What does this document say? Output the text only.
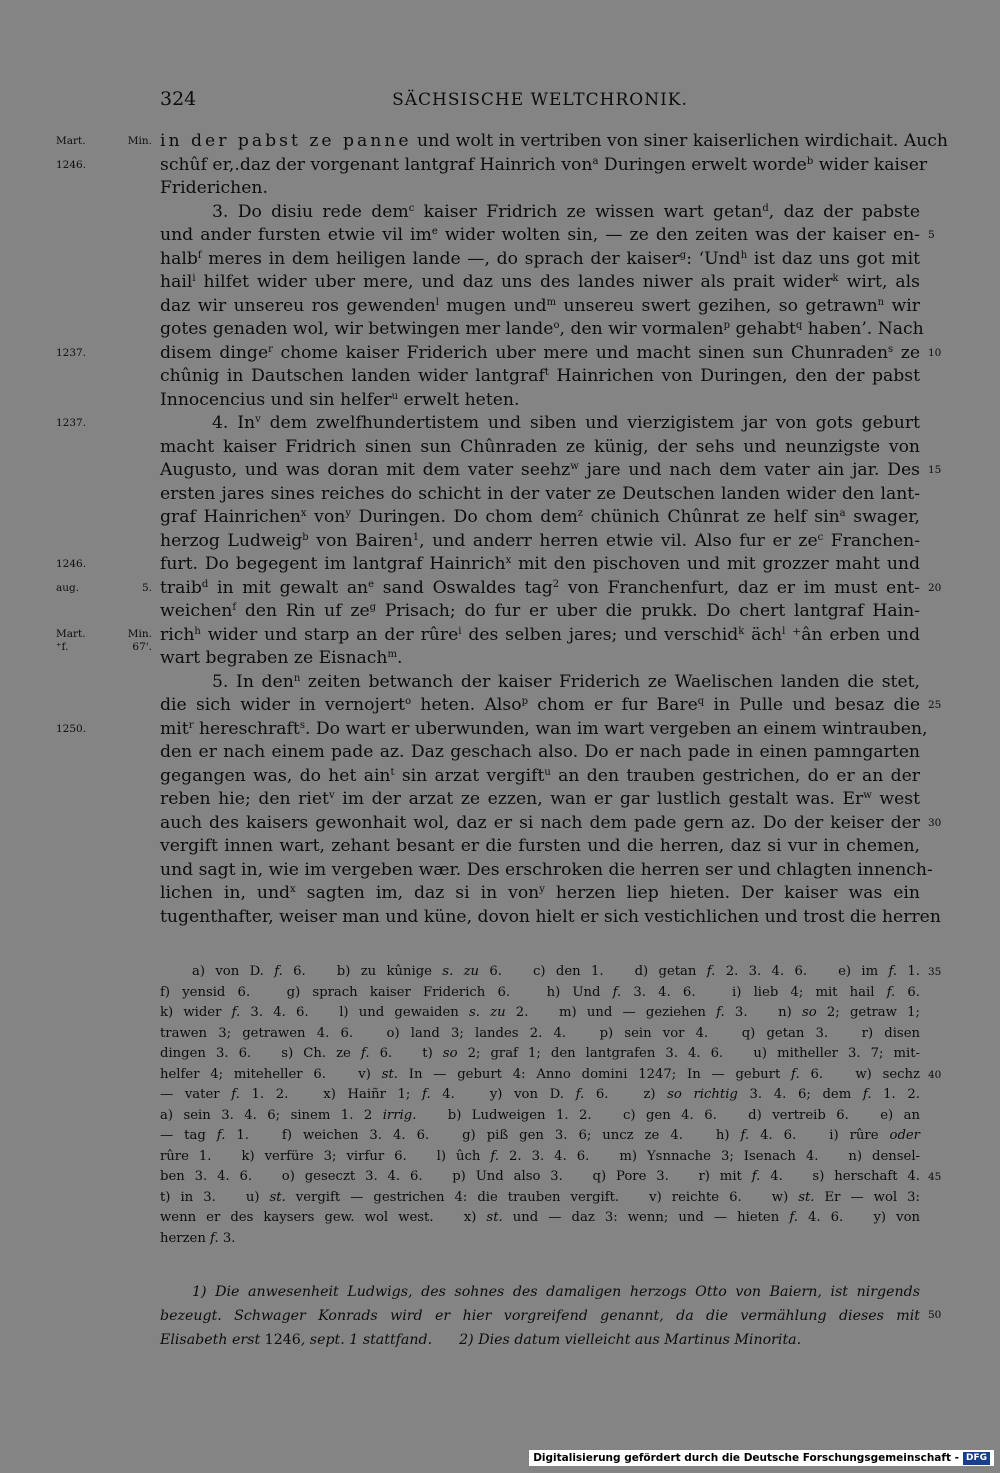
324	SÄCHSISCHE WELTCHRONIK.
in der pabst ze panne und wolt in vertriben von siner kaiserlichen wirdichait. Auch
Mart. Min.
schûf er,.daz der vorgenant lantgraf Hainrich von$^a$ Duringen erwelt worde$^b$ wider kaiser
1246.
Friderichen.
3. Do disiu rede dem$^c$ kaiser Fridrich ze wissen wart getan$^d$, daz der pabste
und ander fursten etwie vil $im^e$ wider wolten sin, — ze den zeiten was der kaiser en- 5
halb$^f$ meres in dem heiligen lande —, do sprach der kaiser$^g$: ‘Und$^h$ ist daz uns got mit
hail$^i$ hilfet wider uber mere, und daz uns des landes niwer als prait wider$^k$ wirt, als
daz wir unsereu ros gewenden$^l$ mugen und$^m$ unsereu swert gezihen, so getrawn$^n$ wir
gotes genaden wol, wir betwingen mer lande$^o$, den wir vormalen$^p$ gehabt$^q$ haben’. Nach
disem dinge$^r$ chome kaiser Friderich uber mere und macht sinen sun Chunraden$^s$ ze
1237.	10
chûnig in Dautschen landen wider lantgraf$^t$ Hainrichen von Duringen, den der pabst
Innocencius und sin helfer$^u$ erwelt heten.
4. In$^v$ dem zwelfhundertistem und siben und vierzigistem jar von gots geburt
1237.
macht kaiser Fridrich sinen sun Chûnraden ze künig, der sehs und neunzigste von
Augusto, und was doran mit dem vater seehz$^w$ jare und nach dem vater ain jar. Des 15
ersten jares sines reiches do schicht in der vater ze Deutschen landen wider den lant-
graf Hainrichen$^x$ von$^y$ Duringen. Do chom dem$^z$ chünich Chûnrat ze helf $\sin^a$ swager,
herzog Ludweig$^b$ von Bairen$^1$, und anderr herren etwie vil. Also fur er $ze^c$ Franchen-
furt. Do begegent im lantgraf Hainrich$^x$ mit den pischoven und mit grozzer maht und
1246.
traib$^d$ in mit gewalt $an^e$ sand Oswaldes tag$^2$ von Franchenfurt, daz er im must ent-
aug. 5.	20
weichen$^f$ den Rin uf $ze^g$ Prisach; do fur er uber die prukk. Do chert lantgraf Hain-
rich$^h$ wider und starp an der rûre$^i$ des selben jares; und verschid$^k$ äch$^l$ ⁺ân erben und
Mart. Min.
⁺f. 67'.
wart begraben ze Eisnach$^m$.
5. In den$^n$ zeiten betwanch der kaiser Friderich ze Waelischen landen die stet,
die sich wider in vernojert$^o$ heten. Also$^p$ chom er fur Bare$^q$ in Pulle und besaz die 25
mit$^r$ hereschraft$^s$. Do wart er uberwunden, wan im wart vergeben an einem wintrauben,
1250.
den er nach einem pade az. Daz geschach also. Do er nach pade in einen pamngarten
gegangen was, do het ain$^t$ sin arzat vergift$^u$ an den trauben gestrichen, do er an der
reben hie; den riet$^v$ im der arzat ze ezzen, wan er gar lustlich gestalt was. Er$^w$ west
auch des kaisers gewonhait wol, daz er si nach dem pade gern az. Do der keiser der 30
vergift innen wart, zehant besant er die fursten und die herren, daz si vur in chemen,
und sagt in, wie im vergeben wær. Des erschroken die herren ser und chlagten innench-
lichen in, und$^x$ sagten im, daz si in von$^y$ herzen liep hieten. Der kaiser was ein
tugenthafter, weiser man und küne, dovon hielt er sich vestichlichen und trost die herren
a) von D. f. 6.   b) zu kûnige s. zu 6.   c) den 1.   d) getan f. 2. 3. 4. 6.   e) im f. 1. 35
f) yensid 6.   g) sprach kaiser Friderich 6.   h) Und f. 3. 4. 6.   i) lieb 4; mit hail f. 6.
k) wider f. 3. 4. 6.   l) und gewaiden s. zu 2.   m) und — geziehen f. 3.   n) so 2; getraw 1;
trawen 3; getrawen 4. 6.   o) land 3; landes 2. 4.   p) sein vor 4.   q) getan 3.   r) disen
dingen 3. 6.   s) Ch. ze f. 6.   t) so 2; graf 1; den lantgrafen 3. 4. 6.   u) mitheller 3. 7; mit-
helfer 4; miteheller 6.   v) st. In — geburt 4: Anno domini 1247; In — geburt f. 6.   w) sechz 40
— vater f. 1. 2.   x) Haiñr 1; f. 4.   y) von D. f. 6.   z) so richtig 3. 4. 6; dem f. 1. 2.
a) sein 3. 4. 6; sinem 1. 2 irrig.   b) Ludweigen 1. 2.   c) gen 4. 6.   d) vertreib 6.   e) an
— tag f. 1.   f) weichen 3. 4. 6.   g) piß gen 3. 6; uncz ze 4.   h) f. 4. 6.   i) rûre oder
rûre 1.   k) verfüre 3; virfur 6.   l) ûch f. 2. 3. 4. 6.   m) Ysnnache 3; Isenach 4.   n) densel-
ben 3. 4. 6.   o) geseczt 3. 4. 6.   p) Und also 3.   q) Pore 3.   r) mit f. 4.   s) herschaft 4. 45
t) in 3.   u) st. vergift — gestrichen 4: die trauben vergift.   v) reichte 6.   w) st. Er — wol 3:
wenn er des kaysers gew. wol west.   x) st. und — daz 3: wenn; und — hieten f. 4. 6.   y) von
herzen f. 3.
1) Die anwesenheit Ludwigs, des sohnes des damaligen herzogs Otto von Baiern, ist nirgends
bezeugt. Schwager Konrads wird er hier vorgreifend genannt, da die vermählung dieses mit 50
Elisabeth erst 1246, sept. 1 stattfand.      2) Dies datum vielleicht aus Martinus Minorita.
Digitalisierung gefördert durch die Deutsche Forschungsgemeinschaft - DFG
